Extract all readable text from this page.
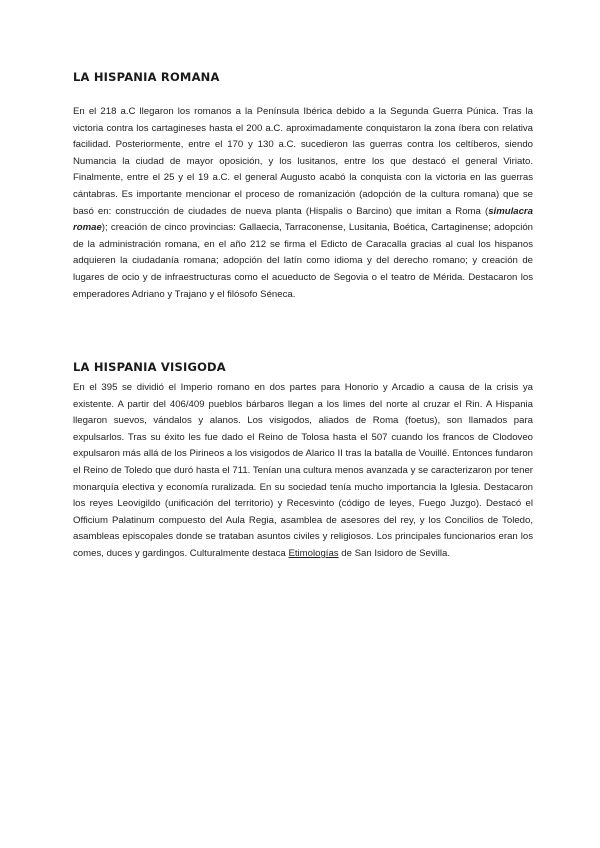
LA HISPANIA ROMANA

En el 218 a.C llegaron los romanos a la Península Ibérica debido a la Segunda Guerra Púnica. Tras la victoria contra los cartagineses hasta el 200 a.C. aproximadamente conquistaron la zona íbera con relativa facilidad. Posteriormente, entre el 170 y 130 a.C. sucedieron las guerras contra los celtíberos, siendo Numancia la ciudad de mayor oposición, y los lusitanos, entre los que destacó el general Viriato. Finalmente, entre el 25 y el 19 a.C. el general Augusto acabó la conquista con la victoria en las guerras cántabras. Es importante mencionar el proceso de romanización (adopción de la cultura romana) que se basó en: construcción de ciudades de nueva planta (Hispalis o Barcino) que imitan a Roma (simulacra romae); creación de cinco provincias: Gallaecia, Tarraconense, Lusitania, Boética, Cartaginense; adopción de la administración romana, en el año 212 se firma el Edicto de Caracalla gracias al cual los hispanos adquieren la ciudadanía romana; adopción del latín como idioma y del derecho romano; y creación de lugares de ocio y de infraestructuras como el acueducto de Segovia o el teatro de Mérida. Destacaron los emperadores Adriano y Trajano y el filósofo Séneca.

LA HISPANIA VISIGODA

En el 395 se dividió el Imperio romano en dos partes para Honorio y Arcadio a causa de la crisis ya existente. A partir del 406/409 pueblos bárbaros llegan a los limes del norte al cruzar el Rin. A Hispania llegaron suevos, vándalos y alanos. Los visigodos, aliados de Roma (foetus), son llamados para expulsarlos. Tras su éxito les fue dado el Reino de Tolosa hasta el 507 cuando los francos de Clodoveo expulsaron más allá de los Pirineos a los visigodos de Alarico II tras la batalla de Vouillé. Entonces fundaron el Reino de Toledo que duró hasta el 711. Tenían una cultura menos avanzada y se caracterizaron por tener monarquía electiva y economía ruralizada. En su sociedad tenía mucho importancia la Iglesia. Destacaron los reyes Leovigildo (unificación del territorio) y Recesvinto (código de leyes, Fuego Juzgo). Destacó el Officium Palatinum compuesto del Aula Regia, asamblea de asesores del rey, y los Concilios de Toledo, asambleas episcopales donde se trataban asuntos civiles y religiosos. Los principales funcionarios eran los comes, duces y gardingos. Culturalmente destaca Etimologías de San Isidoro de Sevilla.
